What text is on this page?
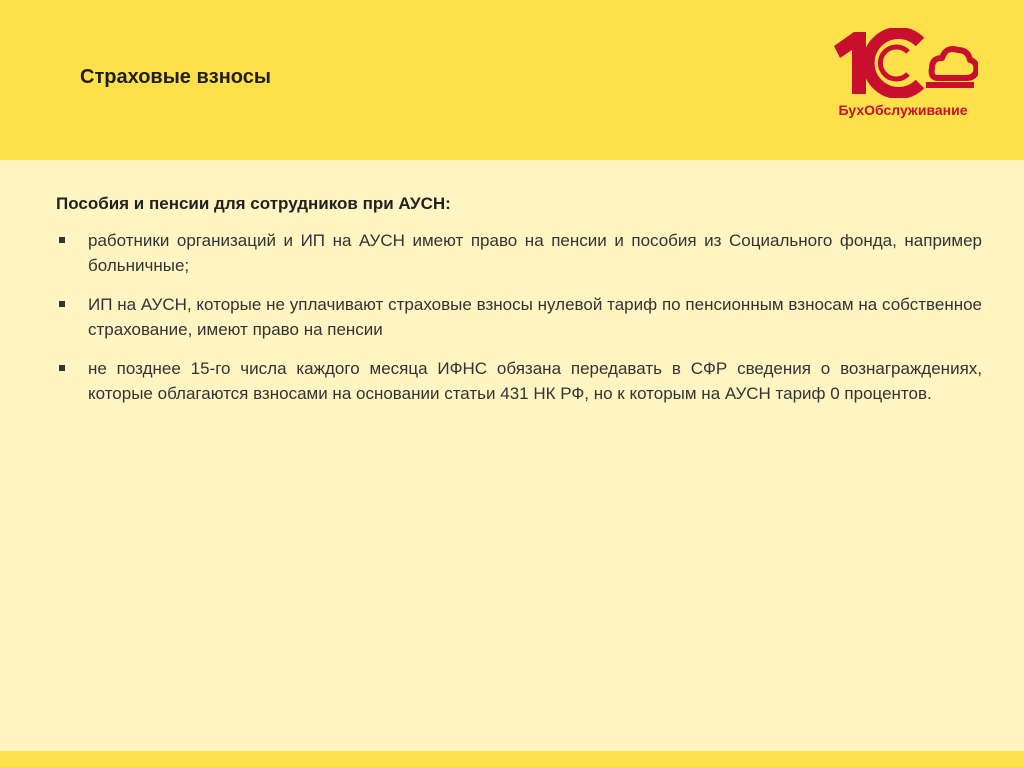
Страховые взносы
БухОбслуживание
Пособия и пенсии для сотрудников при АУСН:
работники организаций и ИП на АУСН имеют право на пенсии и пособия из Социального фонда, например больничные;
ИП на АУСН, которые не уплачивают страховые взносы нулевой тариф по пенсионным взносам на собственное страхование, имеют право на пенсии
не позднее 15-го числа каждого месяца ИФНС обязана передавать в СФР сведения о вознаграждениях, которые облагаются взносами на основании статьи 431 НК РФ, но к которым на АУСН тариф 0 процентов.
